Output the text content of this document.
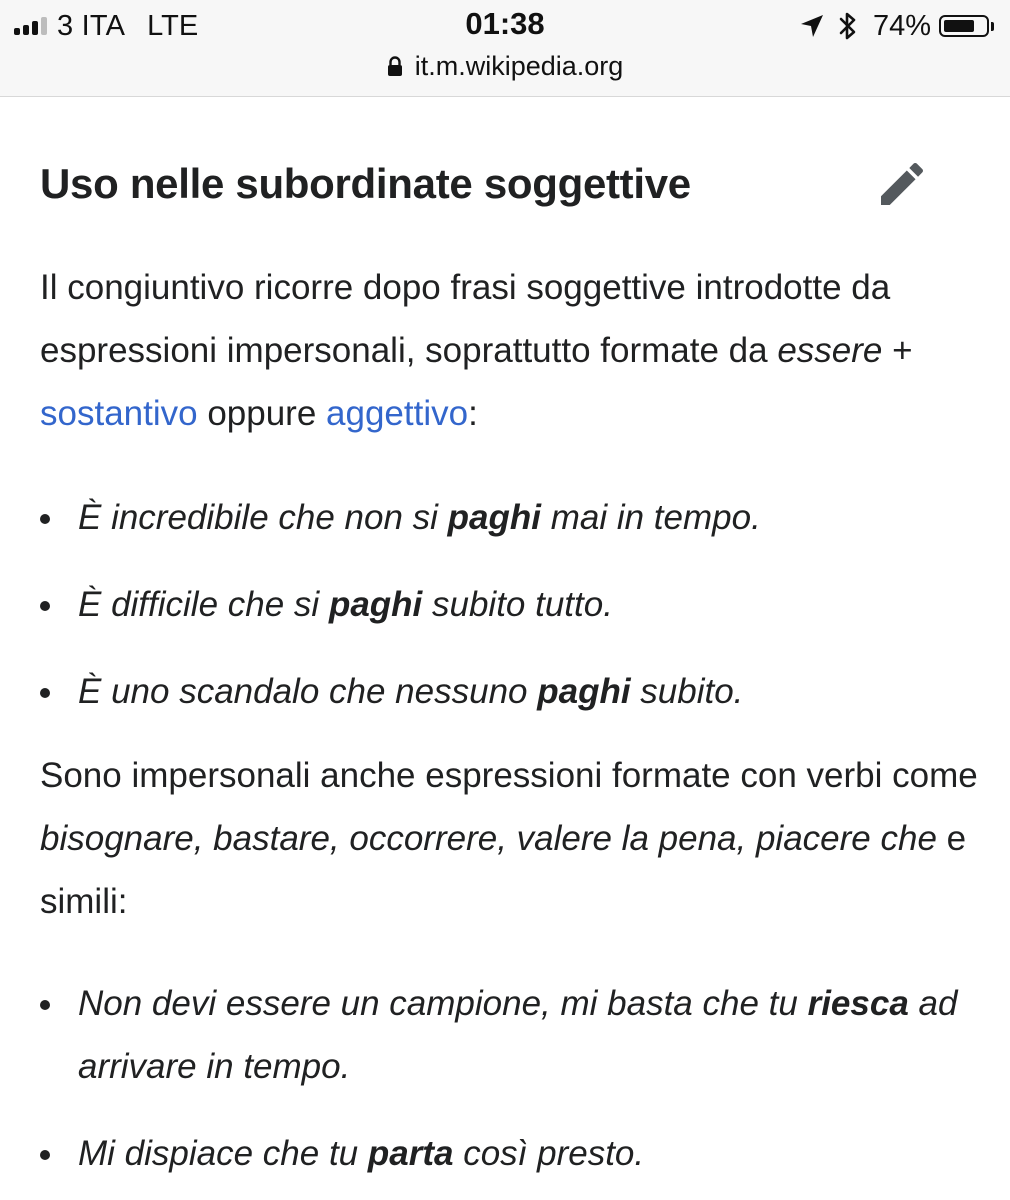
3 ITA LTE	01:38	74%
it.m.wikipedia.org
Uso nelle subordinate soggettive

Il congiuntivo ricorre dopo frasi soggettive introdotte da espressioni impersonali, soprattutto formate da essere + sostantivo oppure aggettivo:

È incredibile che non si paghi mai in tempo.
È difficile che si paghi subito tutto.
È uno scandalo che nessuno paghi subito.

Sono impersonali anche espressioni formate con verbi come bisognare, bastare, occorrere, valere la pena, piacere che e simili:

Non devi essere un campione, mi basta che tu riesca ad arrivare in tempo.
Mi dispiace che tu parta così presto.
